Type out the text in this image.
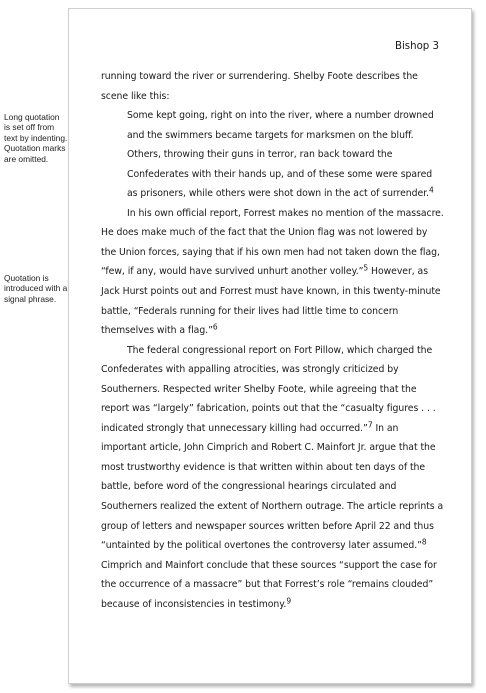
Long quotation
is set off from
text by indenting.
Quotation marks
are omitted.
Quotation is
introduced with a
signal phrase.
Bishop 3

running toward the river or surrendering. Shelby Foote describes the scene like this:

Some kept going, right on into the river, where a number drowned and the swimmers became targets for marksmen on the bluff. Others, throwing their guns in terror, ran back toward the Confederates with their hands up, and of these some were spared as prisoners, while others were shot down in the act of surrender.$^4$

In his own official report, Forrest makes no mention of the massacre. He does make much of the fact that the Union flag was not lowered by the Union forces, saying that if his own men had not taken down the flag, “few, if any, would have survived unhurt another volley.”$^5$ However, as Jack Hurst points out and Forrest must have known, in this twenty-minute battle, “Federals running for their lives had little time to concern themselves with a flag.”$^6$

The federal congressional report on Fort Pillow, which charged the Confederates with appalling atrocities, was strongly criticized by Southerners. Respected writer Shelby Foote, while agreeing that the report was “largely” fabrication, points out that the “casualty figures . . . indicated strongly that unnecessary killing had occurred.”$^7$ In an important article, John Cimprich and Robert C. Mainfort Jr. argue that the most trustworthy evidence is that written within about ten days of the battle, before word of the congressional hearings circulated and Southerners realized the extent of Northern outrage. The article reprints a group of letters and newspaper sources written before April 22 and thus “untainted by the political overtones the controversy later assumed.”$^8$ Cimprich and Mainfort conclude that these sources “support the case for the occurrence of a massacre” but that Forrest’s role “remains clouded” because of inconsistencies in testimony.$^9$
